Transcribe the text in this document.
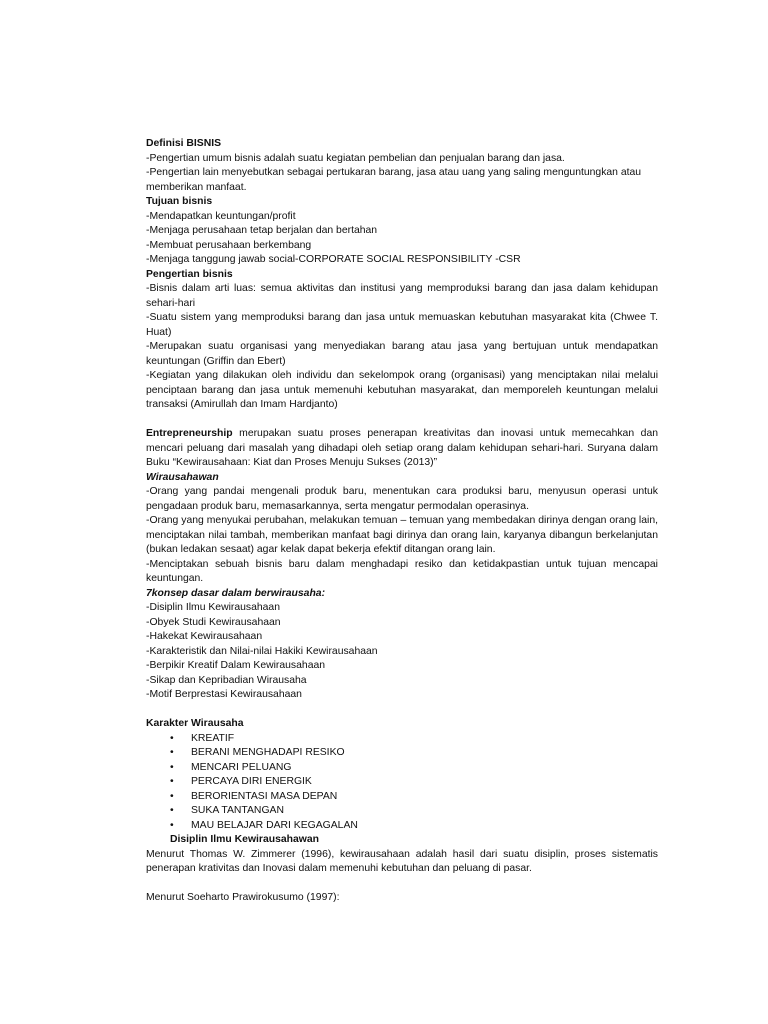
Definisi BISNIS

-Pengertian umum bisnis adalah suatu kegiatan pembelian dan penjualan barang dan jasa.

-Pengertian lain menyebutkan sebagai pertukaran barang, jasa atau uang yang saling menguntungkan atau memberikan manfaat.

Tujuan bisnis

-Mendapatkan keuntungan/profit

-Menjaga perusahaan tetap berjalan dan bertahan

-Membuat perusahaan berkembang

-Menjaga tanggung jawab social-CORPORATE SOCIAL RESPONSIBILITY -CSR

Pengertian bisnis

-Bisnis dalam arti luas: semua aktivitas dan institusi yang memproduksi barang dan jasa dalam kehidupan sehari-hari

-Suatu sistem yang memproduksi barang dan jasa untuk memuaskan kebutuhan masyarakat kita (Chwee T. Huat)

-Merupakan suatu organisasi yang menyediakan barang atau jasa yang bertujuan untuk mendapatkan keuntungan (Griffin dan Ebert)

-Kegiatan yang dilakukan oleh individu dan sekelompok orang (organisasi) yang menciptakan nilai melalui penciptaan barang dan jasa untuk memenuhi kebutuhan masyarakat, dan memporeleh keuntungan melalui transaksi (Amirullah dan Imam Hardjanto)

Entrepreneurship merupakan suatu proses penerapan kreativitas dan inovasi untuk memecahkan dan mencari peluang dari masalah yang dihadapi oleh setiap orang dalam kehidupan sehari-hari. Suryana dalam Buku “Kewirausahaan: Kiat dan Proses Menuju Sukses (2013)”

Wirausahawan

-Orang yang pandai mengenali produk baru, menentukan cara produksi baru, menyusun operasi untuk pengadaan produk baru, memasarkannya, serta mengatur permodalan operasinya.

-Orang yang menyukai perubahan, melakukan temuan – temuan yang membedakan dirinya dengan orang lain, menciptakan nilai tambah, memberikan manfaat bagi dirinya dan orang lain, karyanya dibangun berkelanjutan (bukan ledakan sesaat) agar kelak dapat bekerja efektif ditangan orang lain.

-Menciptakan sebuah bisnis baru dalam menghadapi resiko dan ketidakpastian untuk tujuan mencapai keuntungan.

7konsep dasar dalam berwirausaha:

-Disiplin Ilmu Kewirausahaan

-Obyek Studi Kewirausahaan

-Hakekat Kewirausahaan

-Karakteristik dan Nilai-nilai Hakiki Kewirausahaan

-Berpikir Kreatif Dalam Kewirausahaan

-Sikap dan Kepribadian Wirausaha

-Motif Berprestasi Kewirausahaan

Karakter Wirausaha

• KREATIF
• BERANI MENGHADAPI RESIKO
• MENCARI PELUANG
• PERCAYA DIRI ENERGIK
• BERORIENTASI MASA DEPAN
• SUKA TANTANGAN
• MAU BELAJAR DARI KEGAGALAN

Disiplin Ilmu Kewirausahawan

Menurut Thomas W. Zimmerer (1996), kewirausahaan adalah hasil dari suatu disiplin, proses sistematis penerapan krativitas dan Inovasi dalam memenuhi kebutuhan dan peluang di pasar.

Menurut Soeharto Prawirokusumo (1997):
